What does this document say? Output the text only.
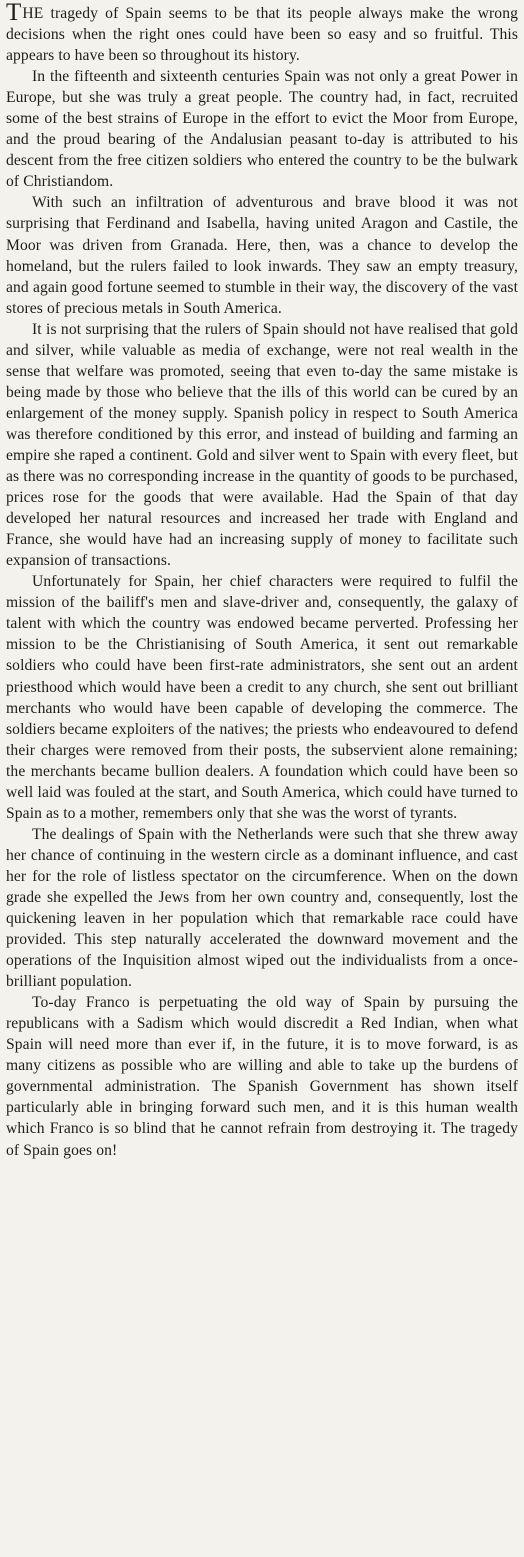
THE tragedy of Spain seems to be that its people always make the wrong decisions when the right ones could have been so easy and so fruitful. This appears to have been so throughout its history.

In the fifteenth and sixteenth centuries Spain was not only a great Power in Europe, but she was truly a great people. The country had, in fact, recruited some of the best strains of Europe in the effort to evict the Moor from Europe, and the proud bearing of the Andalusian peasant to-day is attributed to his descent from the free citizen soldiers who entered the country to be the bulwark of Christiandom.

With such an infiltration of adventurous and brave blood it was not surprising that Ferdinand and Isabella, having united Aragon and Castile, the Moor was driven from Granada. Here, then, was a chance to develop the homeland, but the rulers failed to look inwards. They saw an empty treasury, and again good fortune seemed to stumble in their way, the discovery of the vast stores of precious metals in South America.

It is not surprising that the rulers of Spain should not have realised that gold and silver, while valuable as media of exchange, were not real wealth in the sense that welfare was promoted, seeing that even to-day the same mistake is being made by those who believe that the ills of this world can be cured by an enlargement of the money supply. Spanish policy in respect to South America was therefore conditioned by this error, and instead of building and farming an empire she raped a continent. Gold and silver went to Spain with every fleet, but as there was no corresponding increase in the quantity of goods to be purchased, prices rose for the goods that were available. Had the Spain of that day developed her natural resources and increased her trade with England and France, she would have had an increasing supply of money to facilitate such expansion of transactions.

Unfortunately for Spain, her chief characters were required to fulfil the mission of the bailiff's men and slave-driver and, consequently, the galaxy of talent with which the country was endowed became perverted. Professing her mission to be the Christianising of South America, it sent out remarkable soldiers who could have been first-rate administrators, she sent out an ardent priesthood which would have been a credit to any church, she sent out brilliant merchants who would have been capable of developing the commerce. The soldiers became exploiters of the natives; the priests who endeavoured to defend their charges were removed from their posts, the subservient alone remaining; the merchants became bullion dealers. A foundation which could have been so well laid was fouled at the start, and South America, which could have turned to Spain as to a mother, remembers only that she was the worst of tyrants.

The dealings of Spain with the Netherlands were such that she threw away her chance of continuing in the western circle as a dominant influence, and cast her for the role of listless spectator on the circumference. When on the down grade she expelled the Jews from her own country and, consequently, lost the quickening leaven in her population which that remarkable race could have provided. This step naturally accelerated the downward movement and the operations of the Inquisition almost wiped out the individualists from a once-brilliant population.

To-day Franco is perpetuating the old way of Spain by pursuing the republicans with a Sadism which would discredit a Red Indian, when what Spain will need more than ever if, in the future, it is to move forward, is as many citizens as possible who are willing and able to take up the burdens of governmental administration. The Spanish Government has shown itself particularly able in bringing forward such men, and it is this human wealth which Franco is so blind that he cannot refrain from destroying it. The tragedy of Spain goes on!
